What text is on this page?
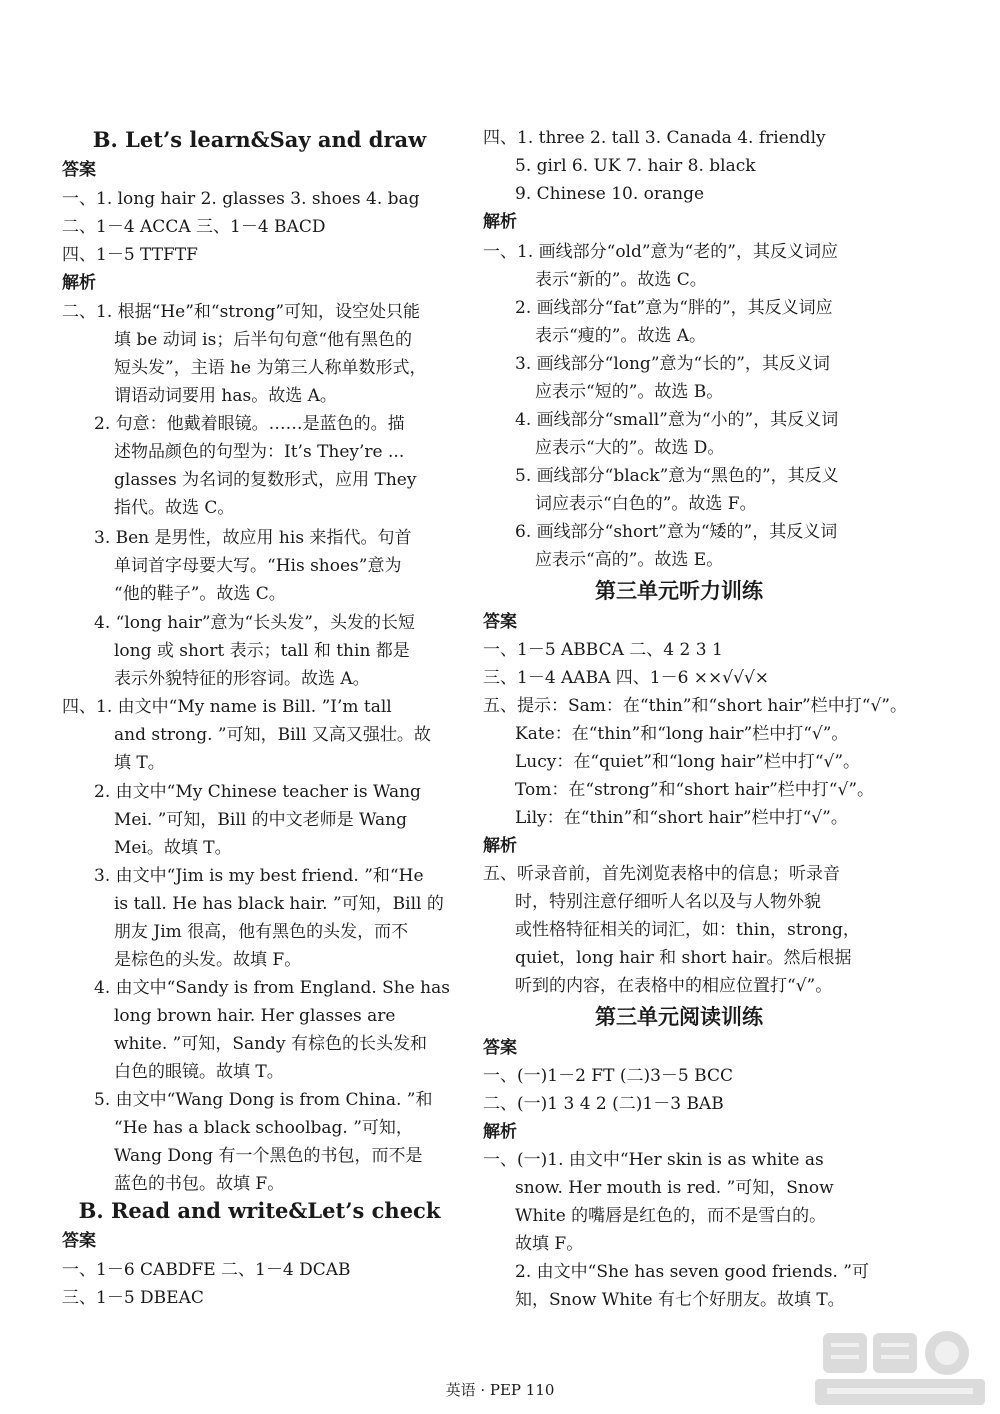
B. Let’s learn&Say and draw
答案
一、1. long hair 2. glasses 3. shoes 4. bag
二、1－4 ACCA 三、1－4 BACD
四、1－5 TTFTF
解析
二、1. 根据“He”和“strong”可知，设空处只能
填 be 动词 is；后半句句意“他有黑色的
短头发”，主语 he 为第三人称单数形式，
谓语动词要用 has。故选 A。
2. 句意：他戴着眼镜。……是蓝色的。描
述物品颜色的句型为：It’s They’re ...
glasses 为名词的复数形式，应用 They
指代。故选 C。
3. Ben 是男性，故应用 his 来指代。句首
单词首字母要大写。“His shoes”意为
“他的鞋子”。故选 C。
4. “long hair”意为“长头发”，头发的长短
long 或 short 表示；tall 和 thin 都是
表示外貌特征的形容词。故选 A。
四、1. 由文中“My name is Bill. ”I’m tall
and strong. ”可知，Bill 又高又强壮。故
填 T。
2. 由文中“My Chinese teacher is Wang
Mei. ”可知，Bill 的中文老师是 Wang
Mei。故填 T。
3. 由文中“Jim is my best friend. ”和“He
is tall. He has black hair. ”可知，Bill 的
朋友 Jim 很高，他有黑色的头发，而不
是棕色的头发。故填 F。
4. 由文中“Sandy is from England. She has
long brown hair. Her glasses are
white. ”可知，Sandy 有棕色的长头发和
白色的眼镜。故填 T。
5. 由文中“Wang Dong is from China. ”和
“He has a black schoolbag. ”可知，
Wang Dong 有一个黑色的书包，而不是
蓝色的书包。故填 F。
B. Read and write&Let’s check
答案
一、1－6 CABDFE 二、1－4 DCAB
三、1－5 DBEAC
四、1. three 2. tall 3. Canada 4. friendly
5. girl 6. UK 7. hair 8. black
9. Chinese 10. orange
解析
一、1. 画线部分“old”意为“老的”，其反义词应
表示“新的”。故选 C。
2. 画线部分“fat”意为“胖的”，其反义词应
表示“瘦的”。故选 A。
3. 画线部分“long”意为“长的”，其反义词
应表示“短的”。故选 B。
4. 画线部分“small”意为“小的”，其反义词
应表示“大的”。故选 D。
5. 画线部分“black”意为“黑色的”，其反义
词应表示“白色的”。故选 F。
6. 画线部分“short”意为“矮的”，其反义词
应表示“高的”。故选 E。
第三单元听力训练
答案
一、1－5 ABBCA 二、4 2 3 1
三、1－4 AABA 四、1－6 ××√√√×
五、提示：Sam：在“thin”和“short hair”栏中打“√”。
Kate：在“thin”和“long hair”栏中打“√”。
Lucy：在“quiet”和“long hair”栏中打“√”。
Tom：在“strong”和“short hair”栏中打“√”。
Lily：在“thin”和“short hair”栏中打“√”。
解析
五、听录音前，首先浏览表格中的信息；听录音
时，特别注意仔细听人名以及与人物外貌
或性格特征相关的词汇，如：thin，strong，
quiet，long hair 和 short hair。然后根据
听到的内容，在表格中的相应位置打“√”。
第三单元阅读训练
答案
一、(一)1－2 FT (二)3－5 BCC
二、(一)1 3 4 2 (二)1－3 BAB
解析
一、(一)1. 由文中“Her skin is as white as
snow. Her mouth is red. ”可知，Snow
White 的嘴唇是红色的，而不是雪白的。
故填 F。
2. 由文中“She has seven good friends. ”可
知，Snow White 有七个好朋友。故填 T。
英语 · PEP 110
